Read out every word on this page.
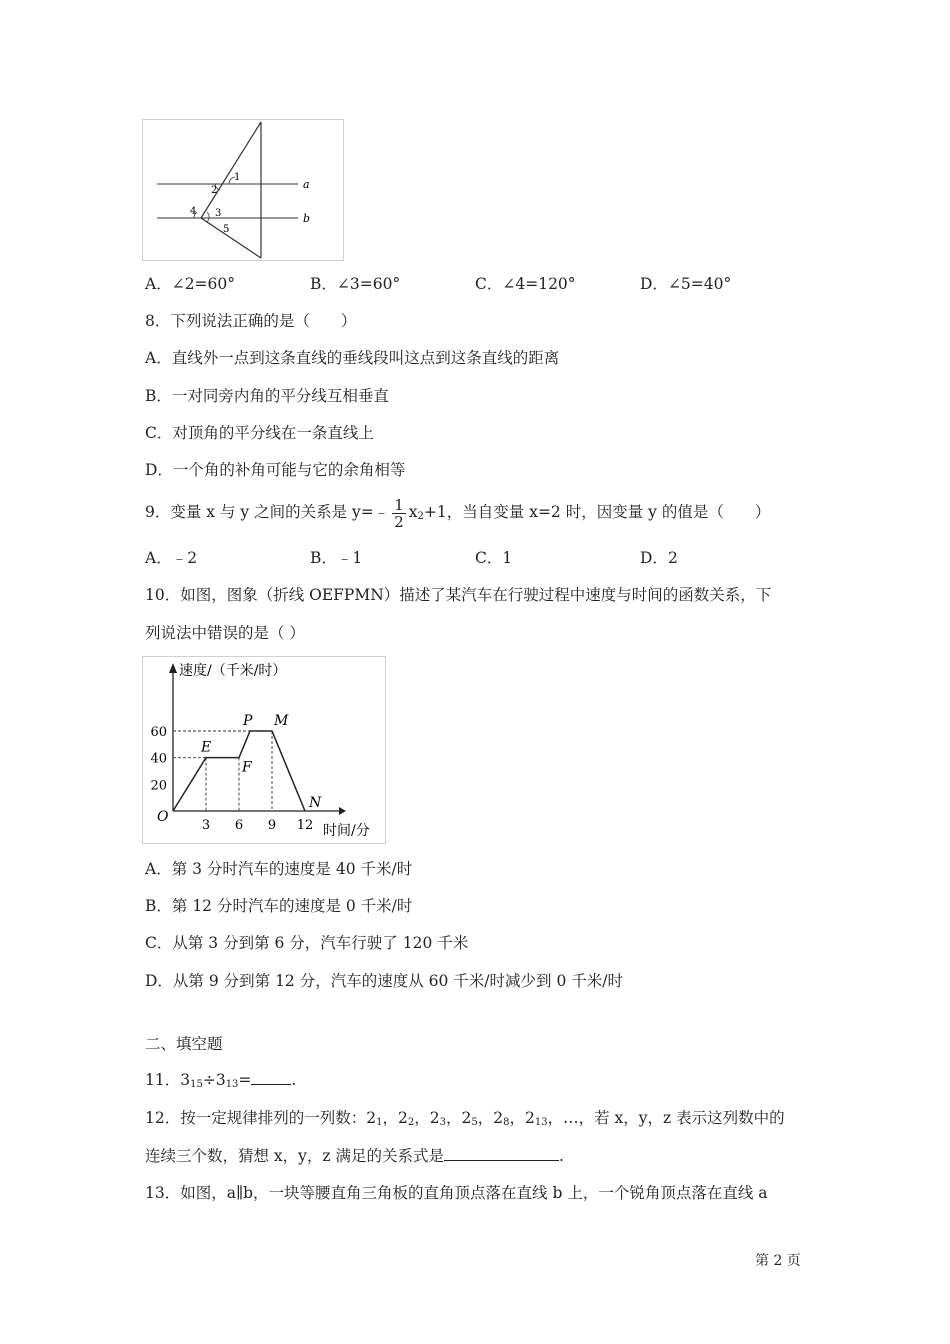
a
b
1
2
3
4
5
A．∠2=60°	B．∠3=60°	C．∠4=120°	D．∠5=40°
8．下列说法正确的是（　　）
A．直线外一点到这条直线的垂线段叫这点到这条直线的距离
B．一对同旁内角的平分线互相垂直
C．对顶角的平分线在一条直线上
D．一个角的补角可能与它的余角相等
9．变量 x 与 y 之间的关系是 y=﹣ $\frac{1}{2} x_2+1$，当自变量 x=2 时，因变量 y 的值是（　　）
A．﹣2	B．﹣1	C．1	D．2
10．如图，图象（折线 OEFPMN）描述了某汽车在行驶过程中速度与时间的函数关系，下
列说法中错误的是（ ）
3 6 9 12
20
40
60
E
F
P M
N
速度/（千米/时）
时间/分
O
A．第 3 分时汽车的速度是 40 千米/时
B．第 12 分时汽车的速度是 0 千米/时
C．从第 3 分到第 6 分，汽车行驶了 120 千米
D．从第 9 分到第 12 分，汽车的速度从 60 千米/时减少到 0 千米/时
二、填空题
11．$3_{15}\div 3_{13}=$	.
12．按一定规律排列的一列数：$2_1$，$2_2$，$2_3$，$2_5$，$2_8$，$2_{13}$，…，若 x，y，z 表示这列数中的
连续三个数，猜想 x，y，z 满足的关系式是	.
13．如图，a∥b，一块等腰直角三角板的直角顶点落在直线 b 上，一个锐角顶点落在直线 a
第 2 页
